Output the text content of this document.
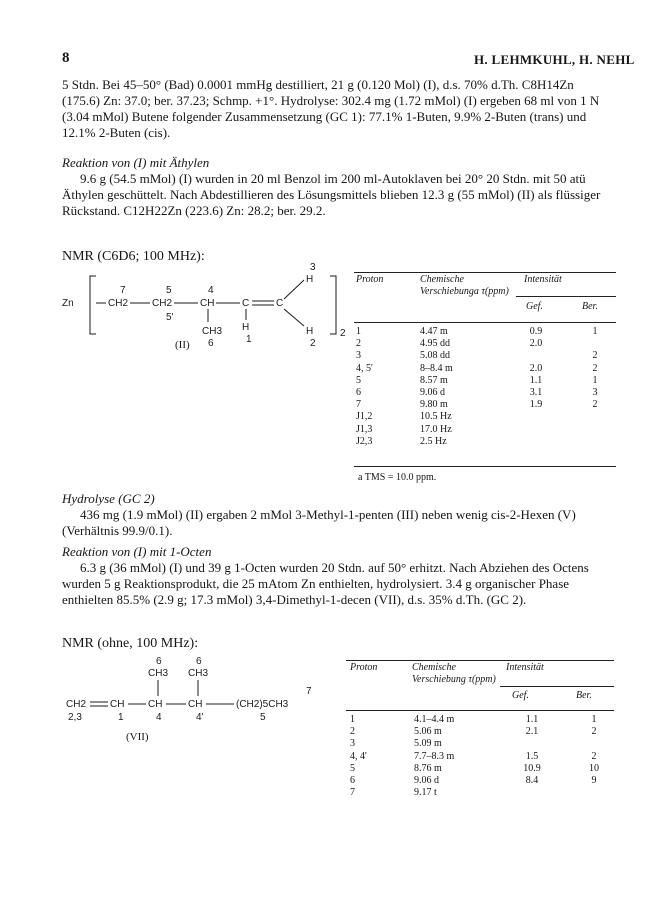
8	H. LEHMKUHL, H. NEHL

5 Stdn. Bei 45–50° (Bad) 0.0001 mmHg destilliert, 21 g (0.120 Mol) (I), d.s. 70% d.Th. C8H14Zn (175.6) Zn: 37.0; ber. 37.23; Schmp. +1°. Hydrolyse: 302.4 mg (1.72 mMol) (I) ergeben 68 ml von 1 N (3.04 mMol) Butene folgender Zusammensetzung (GC 1): 77.1% 1-Buten, 9.9% 2-Buten (trans) und 12.1% 2-Buten (cis).

Reaktion von (I) mit Äthylen

9.6 g (54.5 mMol) (I) wurden in 20 ml Benzol im 200 ml-Autoklaven bei 20° 20 Stdn. mit 50 atü Äthylen geschüttelt. Nach Abdestillieren des Lösungsmittels blieben 12.3 g (55 mMol) (II) als flüssiger Rückstand. C12H22Zn (223.6) Zn: 28.2; ber. 29.2.

NMR (C6D6; 100 MHz):
Zn	CH2
7
CH2
5
5'
CH
4
CH3
6
C
H
1
C
H
3
H
2
2
(II)
Proton	Chemische Verschiebunga τ(ppm)
Intensität
Gef.	Ber.
1	4.47 m	0.9	1
2	4.95 dd	2.0	
3	5.08 dd		2
4, 5'	8–8.4 m	2.0	2
5	8.57 m	1.1	1
6	9.06 d	3.1	3
7	9.80 m	1.9	2
J1,2	10.5 Hz		
J1,3	17.0 Hz		
J2,3	2.5 Hz		
a TMS = 10.0 ppm.

Hydrolyse (GC 2)

436 mg (1.9 mMol) (II) ergaben 2 mMol 3-Methyl-1-penten (III) neben wenig cis-2-Hexen (V) (Verhältnis 99.9/0.1).

Reaktion von (I) mit 1-Octen

6.3 g (36 mMol) (I) und 39 g 1-Octen wurden 20 Stdn. auf 50° erhitzt. Nach Abziehen des Octens wurden 5 g Reaktionsprodukt, die 25 mAtom Zn enthielten, hydrolysiert. 3.4 g organischer Phase enthielten 85.5% (2.9 g; 17.3 mMol) 3,4-Dimethyl-1-decen (VII), d.s. 35% d.Th. (GC 2).

NMR (ohne, 100 MHz):
CH2 CH CH
CH3
6
CH
CH3
6
(CH2)5CH3
7
2,3	1	4	4'	5
(VII)
Proton	Chemische Verschiebung τ(ppm)
Intensität
Gef.	Ber.
1	4.1–4.4 m	1.1	1
2	5.06 m	2.1	2
3	5.09 m		
4, 4'	7.7–8.3 m	1.5	2
5	8.76 m	10.9	10
6	9.06 d	8.4	9
7	9.17 t		
